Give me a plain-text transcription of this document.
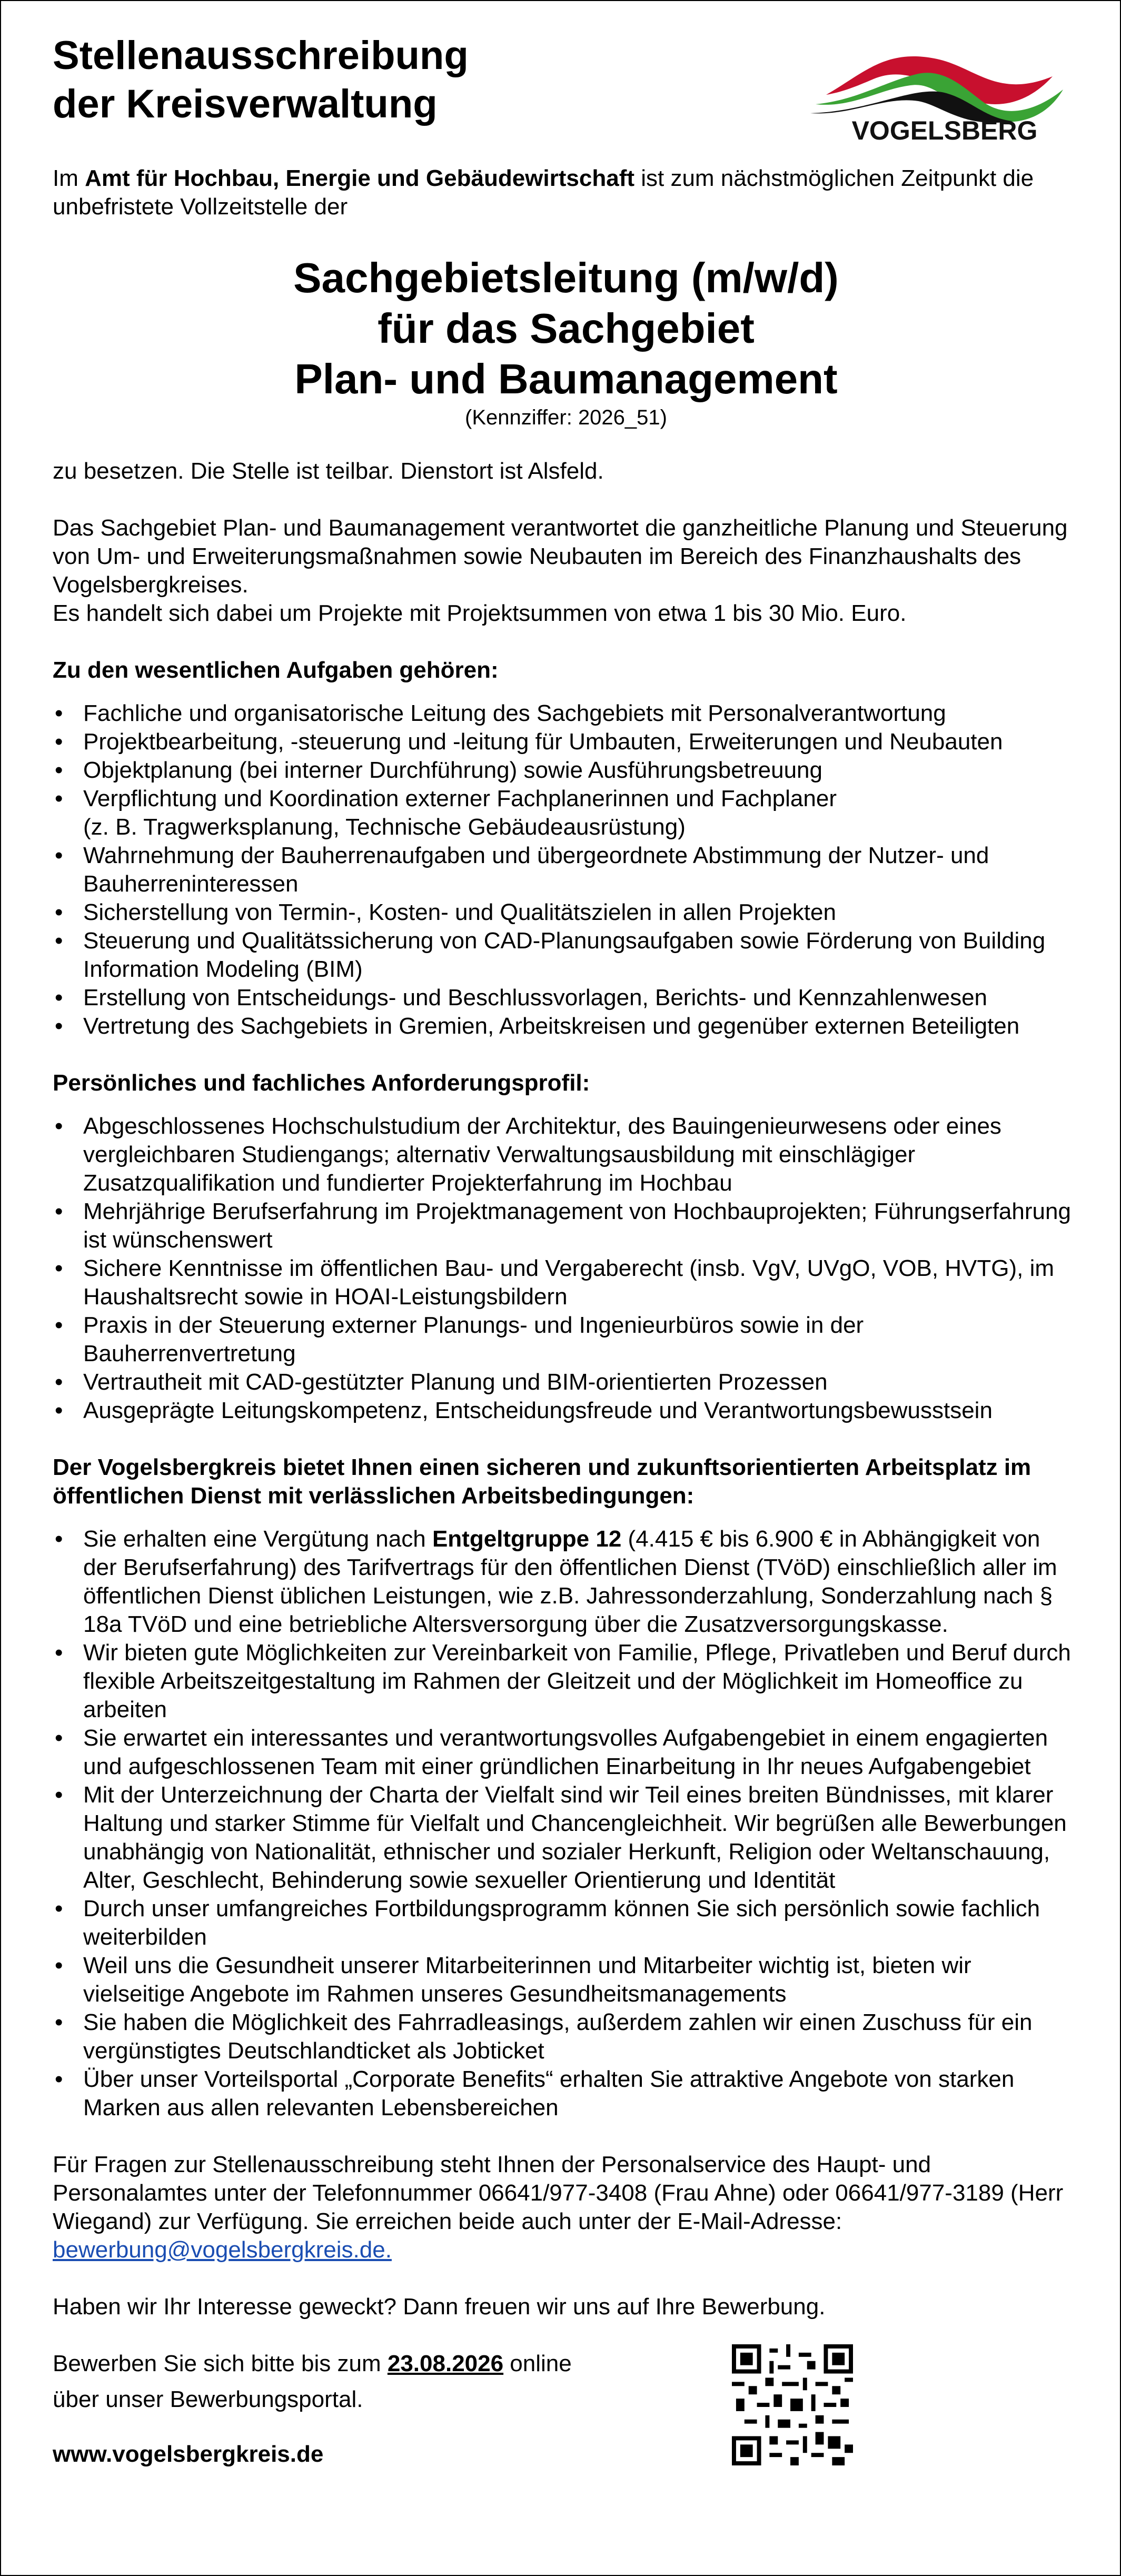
VOGELSBERG
Stellenausschreibung
der Kreisverwaltung

Im Amt für Hochbau, Energie und Gebäudewirtschaft ist zum nächstmöglichen Zeitpunkt die unbefristete Vollzeitstelle der

Sachgebietsleitung (m/w/d)
für das Sachgebiet
Plan- und Baumanagement
(Kennziffer: 2026_51)

zu besetzen. Die Stelle ist teilbar. Dienstort ist Alsfeld.

Das Sachgebiet Plan- und Baumanagement verantwortet die ganzheitliche Planung und Steuerung von Um- und Erweiterungsmaßnahmen sowie Neubauten im Bereich des Finanzhaushalts des Vogelsbergkreises.

Es handelt sich dabei um Projekte mit Projektsummen von etwa 1 bis 30 Mio. Euro.

Zu den wesentlichen Aufgaben gehören:

• Fachliche und organisatorische Leitung des Sachgebiets mit Personalverantwortung
• Projektbearbeitung, -steuerung und -leitung für Umbauten, Erweiterungen und Neubauten
• Objektplanung (bei interner Durchführung) sowie Ausführungsbetreuung
• Verpflichtung und Koordination externer Fachplanerinnen und Fachplaner
(z. B. Tragwerksplanung, Technische Gebäudeausrüstung)
• Wahrnehmung der Bauherrenaufgaben und übergeordnete Abstimmung der Nutzer- und Bauherreninteressen
• Sicherstellung von Termin-, Kosten- und Qualitätszielen in allen Projekten
• Steuerung und Qualitätssicherung von CAD-Planungsaufgaben sowie Förderung von Building Information Modeling (BIM)
• Erstellung von Entscheidungs- und Beschlussvorlagen, Berichts- und Kennzahlenwesen
• Vertretung des Sachgebiets in Gremien, Arbeitskreisen und gegenüber externen Beteiligten

Persönliches und fachliches Anforderungsprofil:

• Abgeschlossenes Hochschulstudium der Architektur, des Bauingenieurwesens oder eines vergleichbaren Studiengangs; alternativ Verwaltungsausbildung mit einschlägiger Zusatzqualifikation und fundierter Projekterfahrung im Hochbau
• Mehrjährige Berufserfahrung im Projektmanagement von Hochbauprojekten; Führungserfahrung ist wünschenswert
• Sichere Kenntnisse im öffentlichen Bau- und Vergaberecht (insb. VgV, UVgO, VOB, HVTG), im Haushaltsrecht sowie in HOAI-Leistungsbildern
• Praxis in der Steuerung externer Planungs- und Ingenieurbüros sowie in der Bauherrenvertretung
• Vertrautheit mit CAD-gestützter Planung und BIM-orientierten Prozessen
• Ausgeprägte Leitungskompetenz, Entscheidungsfreude und Verantwortungsbewusstsein

Der Vogelsbergkreis bietet Ihnen einen sicheren und zukunftsorientierten Arbeitsplatz im öffentlichen Dienst mit verlässlichen Arbeitsbedingungen:

• Sie erhalten eine Vergütung nach Entgeltgruppe 12 (4.415 € bis 6.900 € in Abhängigkeit von der Berufserfahrung) des Tarifvertrags für den öffentlichen Dienst (TVöD) einschließlich aller im öffentlichen Dienst üblichen Leistungen, wie z.B. Jahressonderzahlung, Sonderzahlung nach § 18a TVöD und eine betriebliche Altersversorgung über die Zusatzversorgungskasse.
• Wir bieten gute Möglichkeiten zur Vereinbarkeit von Familie, Pflege, Privatleben und Beruf durch flexible Arbeitszeitgestaltung im Rahmen der Gleitzeit und der Möglichkeit im Homeoffice zu arbeiten
• Sie erwartet ein interessantes und verantwortungsvolles Aufgabengebiet in einem engagierten und aufgeschlossenen Team mit einer gründlichen Einarbeitung in Ihr neues Aufgabengebiet
• Mit der Unterzeichnung der Charta der Vielfalt sind wir Teil eines breiten Bündnisses, mit klarer Haltung und starker Stimme für Vielfalt und Chancengleichheit. Wir begrüßen alle Bewerbungen unabhängig von Nationalität, ethnischer und sozialer Herkunft, Religion oder Weltanschauung, Alter, Geschlecht, Behinderung sowie sexueller Orientierung und Identität
• Durch unser umfangreiches Fortbildungsprogramm können Sie sich persönlich sowie fachlich weiterbilden
• Weil uns die Gesundheit unserer Mitarbeiterinnen und Mitarbeiter wichtig ist, bieten wir vielseitige Angebote im Rahmen unseres Gesundheitsmanagements
• Sie haben die Möglichkeit des Fahrradleasings, außerdem zahlen wir einen Zuschuss für ein vergünstigtes Deutschlandticket als Jobticket
• Über unser Vorteilsportal „Corporate Benefits“ erhalten Sie attraktive Angebote von starken Marken aus allen relevanten Lebensbereichen

Für Fragen zur Stellenausschreibung steht Ihnen der Personalservice des Haupt- und Personalamtes unter der Telefonnummer 06641/977-3408 (Frau Ahne) oder 06641/977-3189 (Herr Wiegand) zur Verfügung. Sie erreichen beide auch unter der E-Mail-Adresse:
bewerbung@vogelsbergkreis.de.

Haben wir Ihr Interesse geweckt? Dann freuen wir uns auf Ihre Bewerbung.

Bewerben Sie sich bitte bis zum 23.08.2026 online

über unser Bewerbungsportal.

www.vogelsbergkreis.de
